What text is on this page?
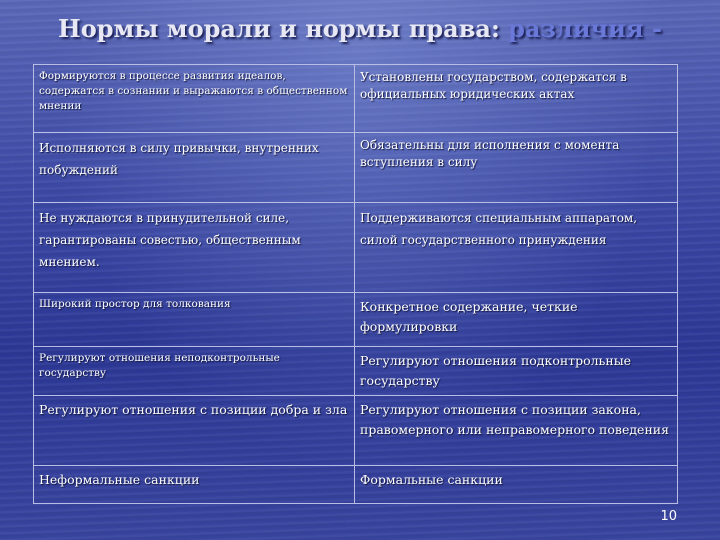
Нормы морали и нормы права: различия -
Формируются в процессе развития идеалов, содержатся в сознании и выражаются в общественном мнении	Установлены государством, содержатся в официальных юридических актах
Исполняются в силу привычки, внутренних побуждений	Обязательны для исполнения с момента вступления в силу
Не нуждаются в принудительной силе, гарантированы совестью, общественным мнением.	Поддерживаются специальным аппаратом, силой государственного принуждения
Широкий простор для толкования	Конкретное содержание, четкие формулировки
Регулируют отношения неподконтрольные государству	Регулируют отношения подконтрольные государству
Регулируют отношения с позиции добра и зла	Регулируют отношения с позиции закона, правомерного или неправомерного поведения
Неформальные санкции	Формальные санкции
10
